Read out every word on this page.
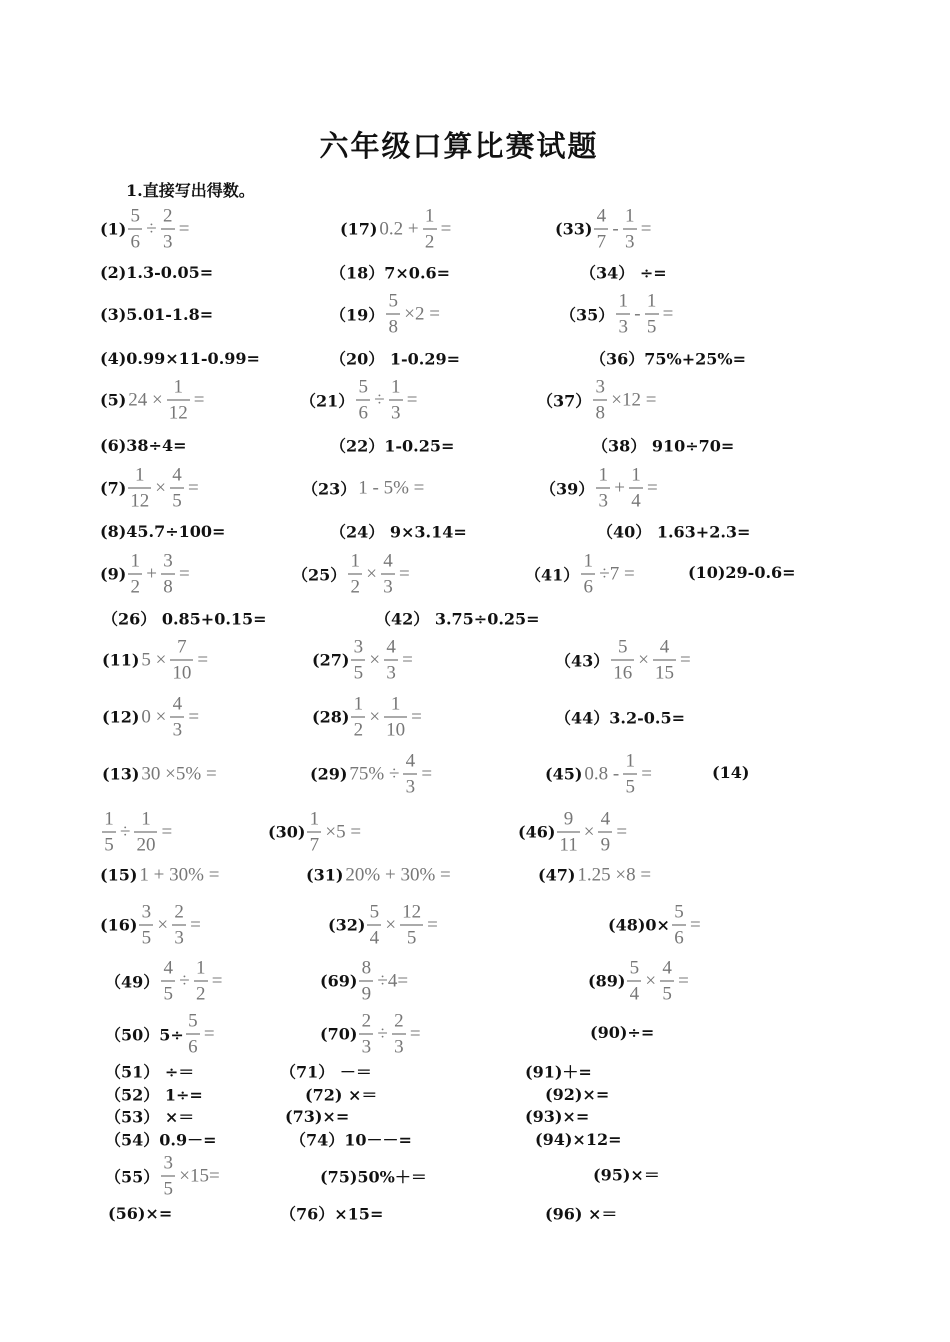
六年级口算比赛试题
1.直接写出得数。
$(1) \frac{5}{6} \div \frac{2}{3}$ =	(17) $0.2 + \frac{1}{2}$ =	$(33) \frac{4}{7} - \frac{1}{3}$ =
(2)1.3-0.05=	（18）7×0.6=	（34） ÷=
(3)5.01-1.8=	$(19) \frac{5}{8} \times 2$ =	$(35) \frac{1}{3} - \frac{1}{5}$ =
(4)0.99×11-0.99=	（20） 1-0.29=	（36）75%+25%=
(5) $24 \times \frac{1}{12}$ =	$(21) \frac{5}{6} \div \frac{1}{3}$ =	$(37) \frac{3}{8} \times 12$ =
(6)38÷4=	（22）1-0.25=	（38） 910÷70=
$(7) \frac{1}{12} \times \frac{4}{5}$ =	（23） 1 - 5% =	$(39) \frac{1}{3} + \frac{1}{4}$ =
(8)45.7÷100=	（24） 9×3.14=	（40） 1.63+2.3=
$(9) \frac{1}{2} + \frac{3}{8}$ =	$(25) \frac{1}{2} \times \frac{4}{3}$ =	$(41) \frac{1}{6} \div 7$ =	(10)29-0.6=
（26） 0.85+0.15=	（42） 3.75÷0.25=
(11) $5 \times \frac{7}{10}$ =	$(27) \frac{3}{5} \times \frac{4}{3}$ =	$(43) \frac{5}{16} \times \frac{4}{15}$ =
(12) $0 \times \frac{4}{3}$ =	$(28) \frac{1}{2} \times \frac{1}{10}$ =	（44）3.2-0.5=
(13) 30 ×5% =	(29) $75\% \div \frac{4}{3}$ =	(45) $0.8 - \frac{1}{5}$ =	(14)
$\frac{1}{5} \div \frac{1}{20}$ =	$(30) \frac{1}{7} \times 5$ =	$(46) \frac{9}{11} \times \frac{4}{9}$ =
(15) 1 + 30% =	(31) 20% + 30% =	(47) 1.25 ×8 =
$(16) \frac{3}{5} \times \frac{2}{3}$ =	$(32) \frac{5}{4} \times \frac{12}{5}$ =	$(48)0\times \frac{5}{6}$ =
$(49) \frac{4}{5} \div \frac{1}{2}$ =	$(69) \frac{8}{9} \div 4=$	$(89) \frac{5}{4} \times \frac{4}{5}$ =
$(50)5\div \frac{5}{6}$ =	$(70) \frac{2}{3} \div \frac{2}{3}$ =	(90)÷=
（51） ÷＝	（71） －＝	(91)＋=
（52） 1÷=	(72) ×＝	(92)×=
（53） ×＝	(73)×=	(93)×=
（54）0.9－=	（74）10－－=	(94)×12=
$(55) \frac{3}{5} \times 15=$	(75)50%＋＝	(95)×＝
(56)×=	（76）×15=	(96) ×＝
